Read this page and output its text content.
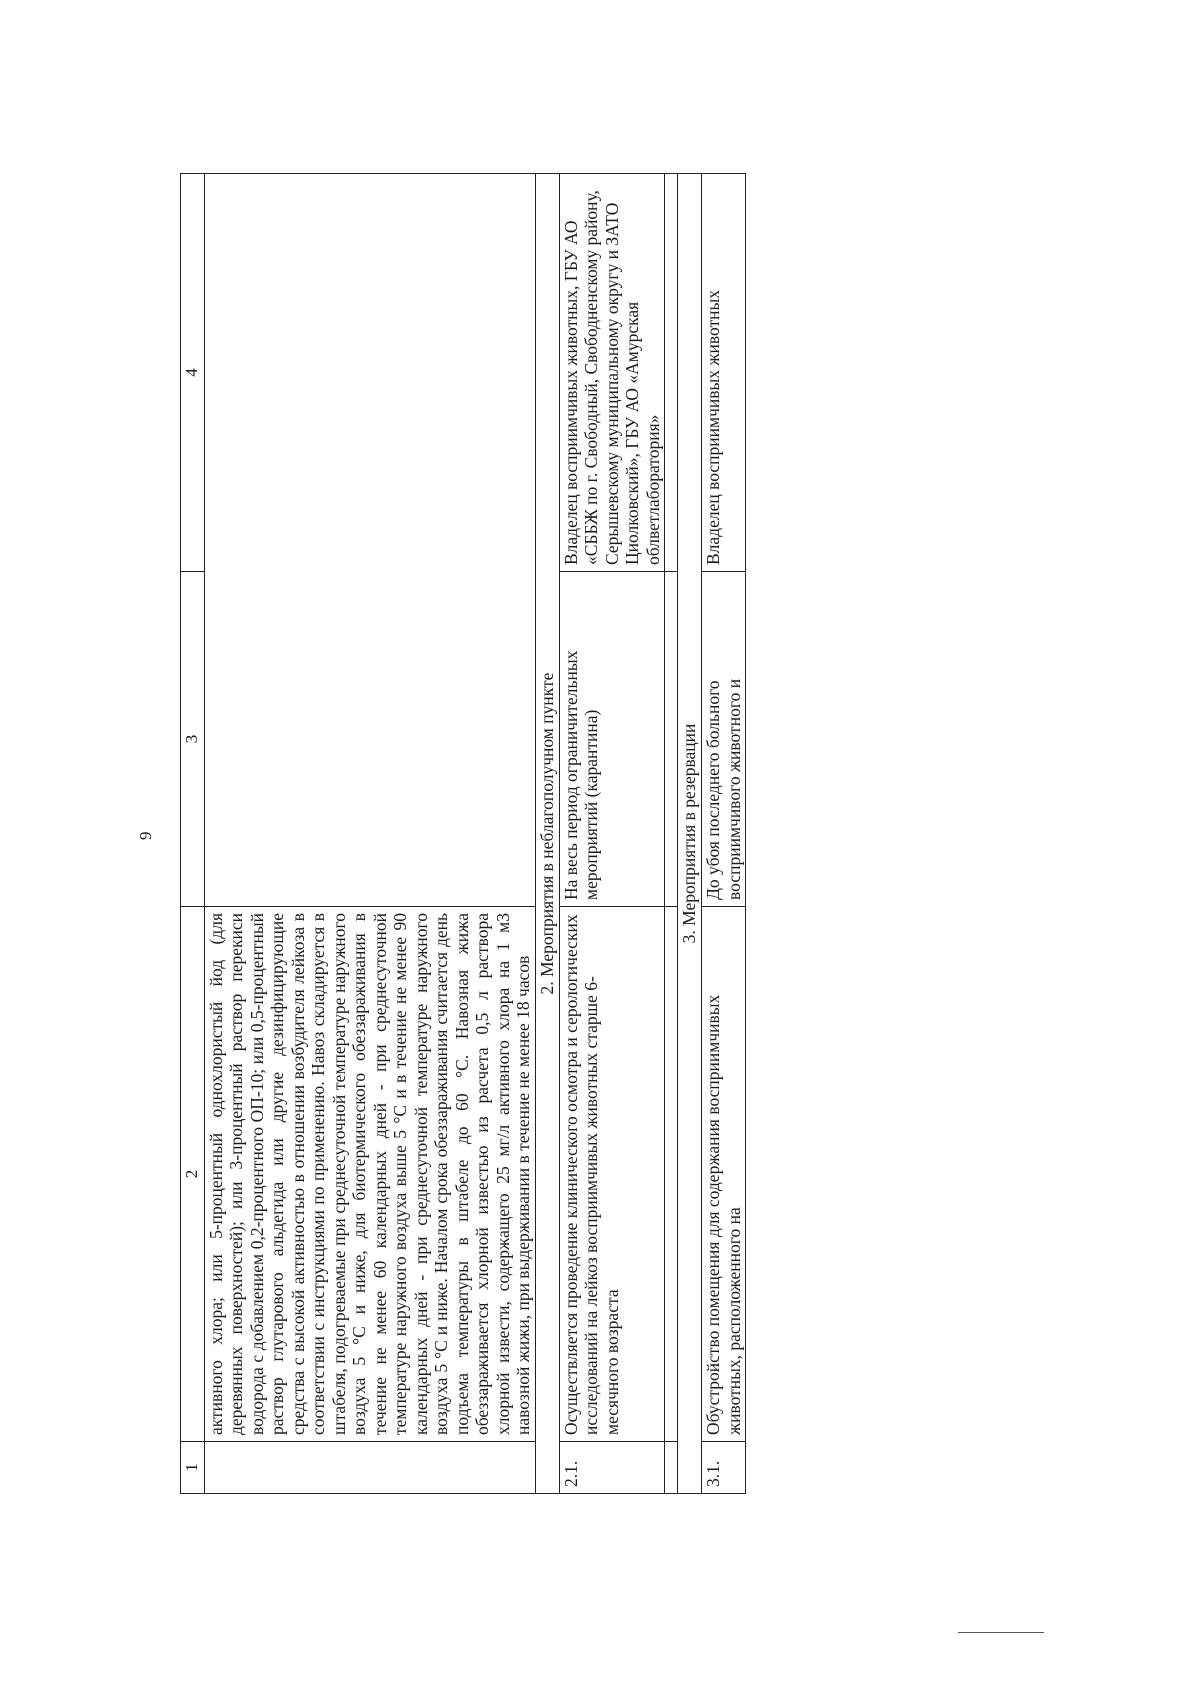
9
1	2	3	4
	активного хлора; или 5-процентный однохлористый йод (для деревянных поверхностей); или 3-процентный раствор перекиси водорода с добавлением 0,2-процентного ОП-10; или 0,5-процентный раствор глутарового альдегида или другие дезинфицирующие средства с высокой активностью в отношении возбудителя лейкоза в соответствии с инструкциями по применению. Навоз складируется в штабеля, подогреваемые при среднесуточной температуре наружного воздуха 5 °С и ниже, для биотермического обеззараживания в течение не менее 60 календарных дней - при среднесуточной температуре наружного воздуха выше 5 °С и в течение не менее 90 календарных дней - при среднесуточной температуре наружного воздуха 5 °С и ниже. Началом срока обеззараживания считается день подъема температуры в штабеле до 60 °С. Навозная жижа обеззараживается хлорной известью из расчета 0,5 л раствора хлорной извести, содержащего 25 мг/л активного хлора на 1 м3 навозной жижи, при выдерживании в течение не менее 18 часов		
2. Мероприятия в неблагополучном пункте			
2.1.	Осуществляется проведение клинического осмотра и серологических исследований на лейкоз восприимчивых животных старше 6-месячного возраста	На весь период ограничительных мероприятий (карантина)	Владелец восприимчивых животных, ГБУ АО «СББЖ по г. Свободный, Свободненскому району, Серышевскому муниципальному округу и ЗАТО Циолковский», ГБУ АО «Амурская облветлаборатория»

3. Мероприятия в резервации			
3.1.	Обустройство помещения для содержания восприимчивых животных, расположенного на	До убоя последнего больного восприимчивого животного и	Владелец восприимчивых животных
